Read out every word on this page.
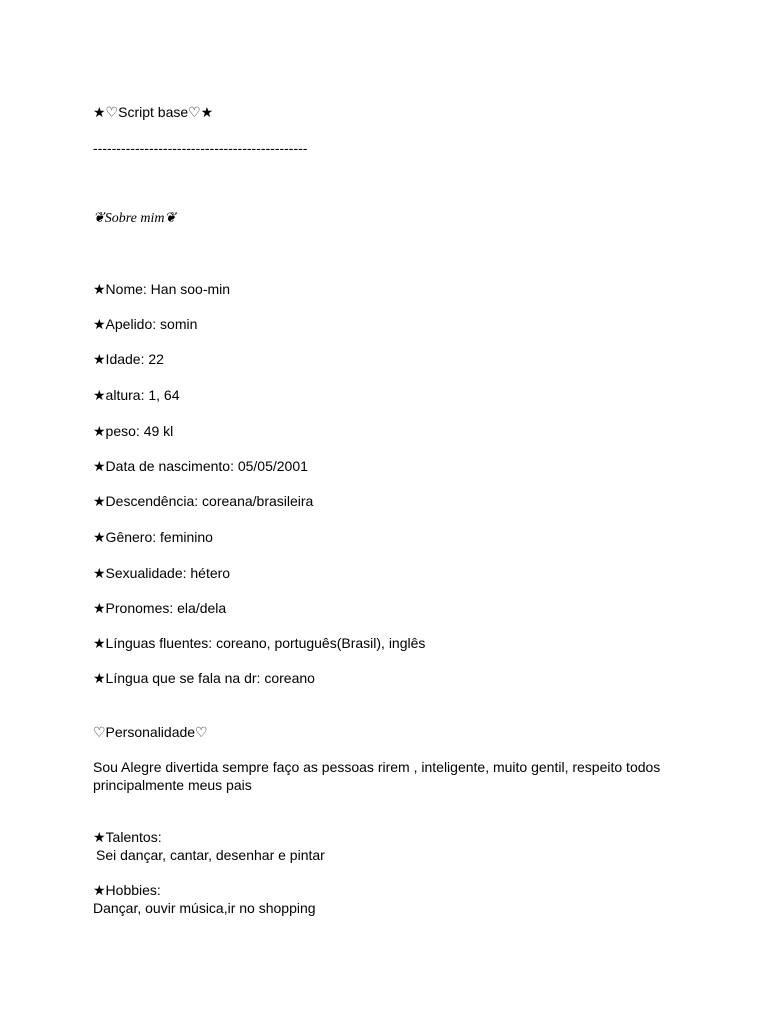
★♡Script base♡★
----------------------------------------------
❦Sobre mim❦
★Nome: Han soo-min
★Apelido: somin
★Idade: 22
★altura: 1, 64
★peso: 49 kl
★Data de nascimento: 05/05/2001
★Descendência: coreana/brasileira
★Gênero: feminino
★Sexualidade: hétero
★Pronomes: ela/dela
★Línguas fluentes: coreano, português(Brasil), inglês
★Língua que se fala na dr: coreano
♡Personalidade♡
Sou Alegre divertida sempre faço as pessoas rirem , inteligente, muito gentil, respeito todos principalmente meus pais
★Talentos:
Sei dançar, cantar, desenhar e pintar
★Hobbies:
Dançar, ouvir música,ir no shopping
